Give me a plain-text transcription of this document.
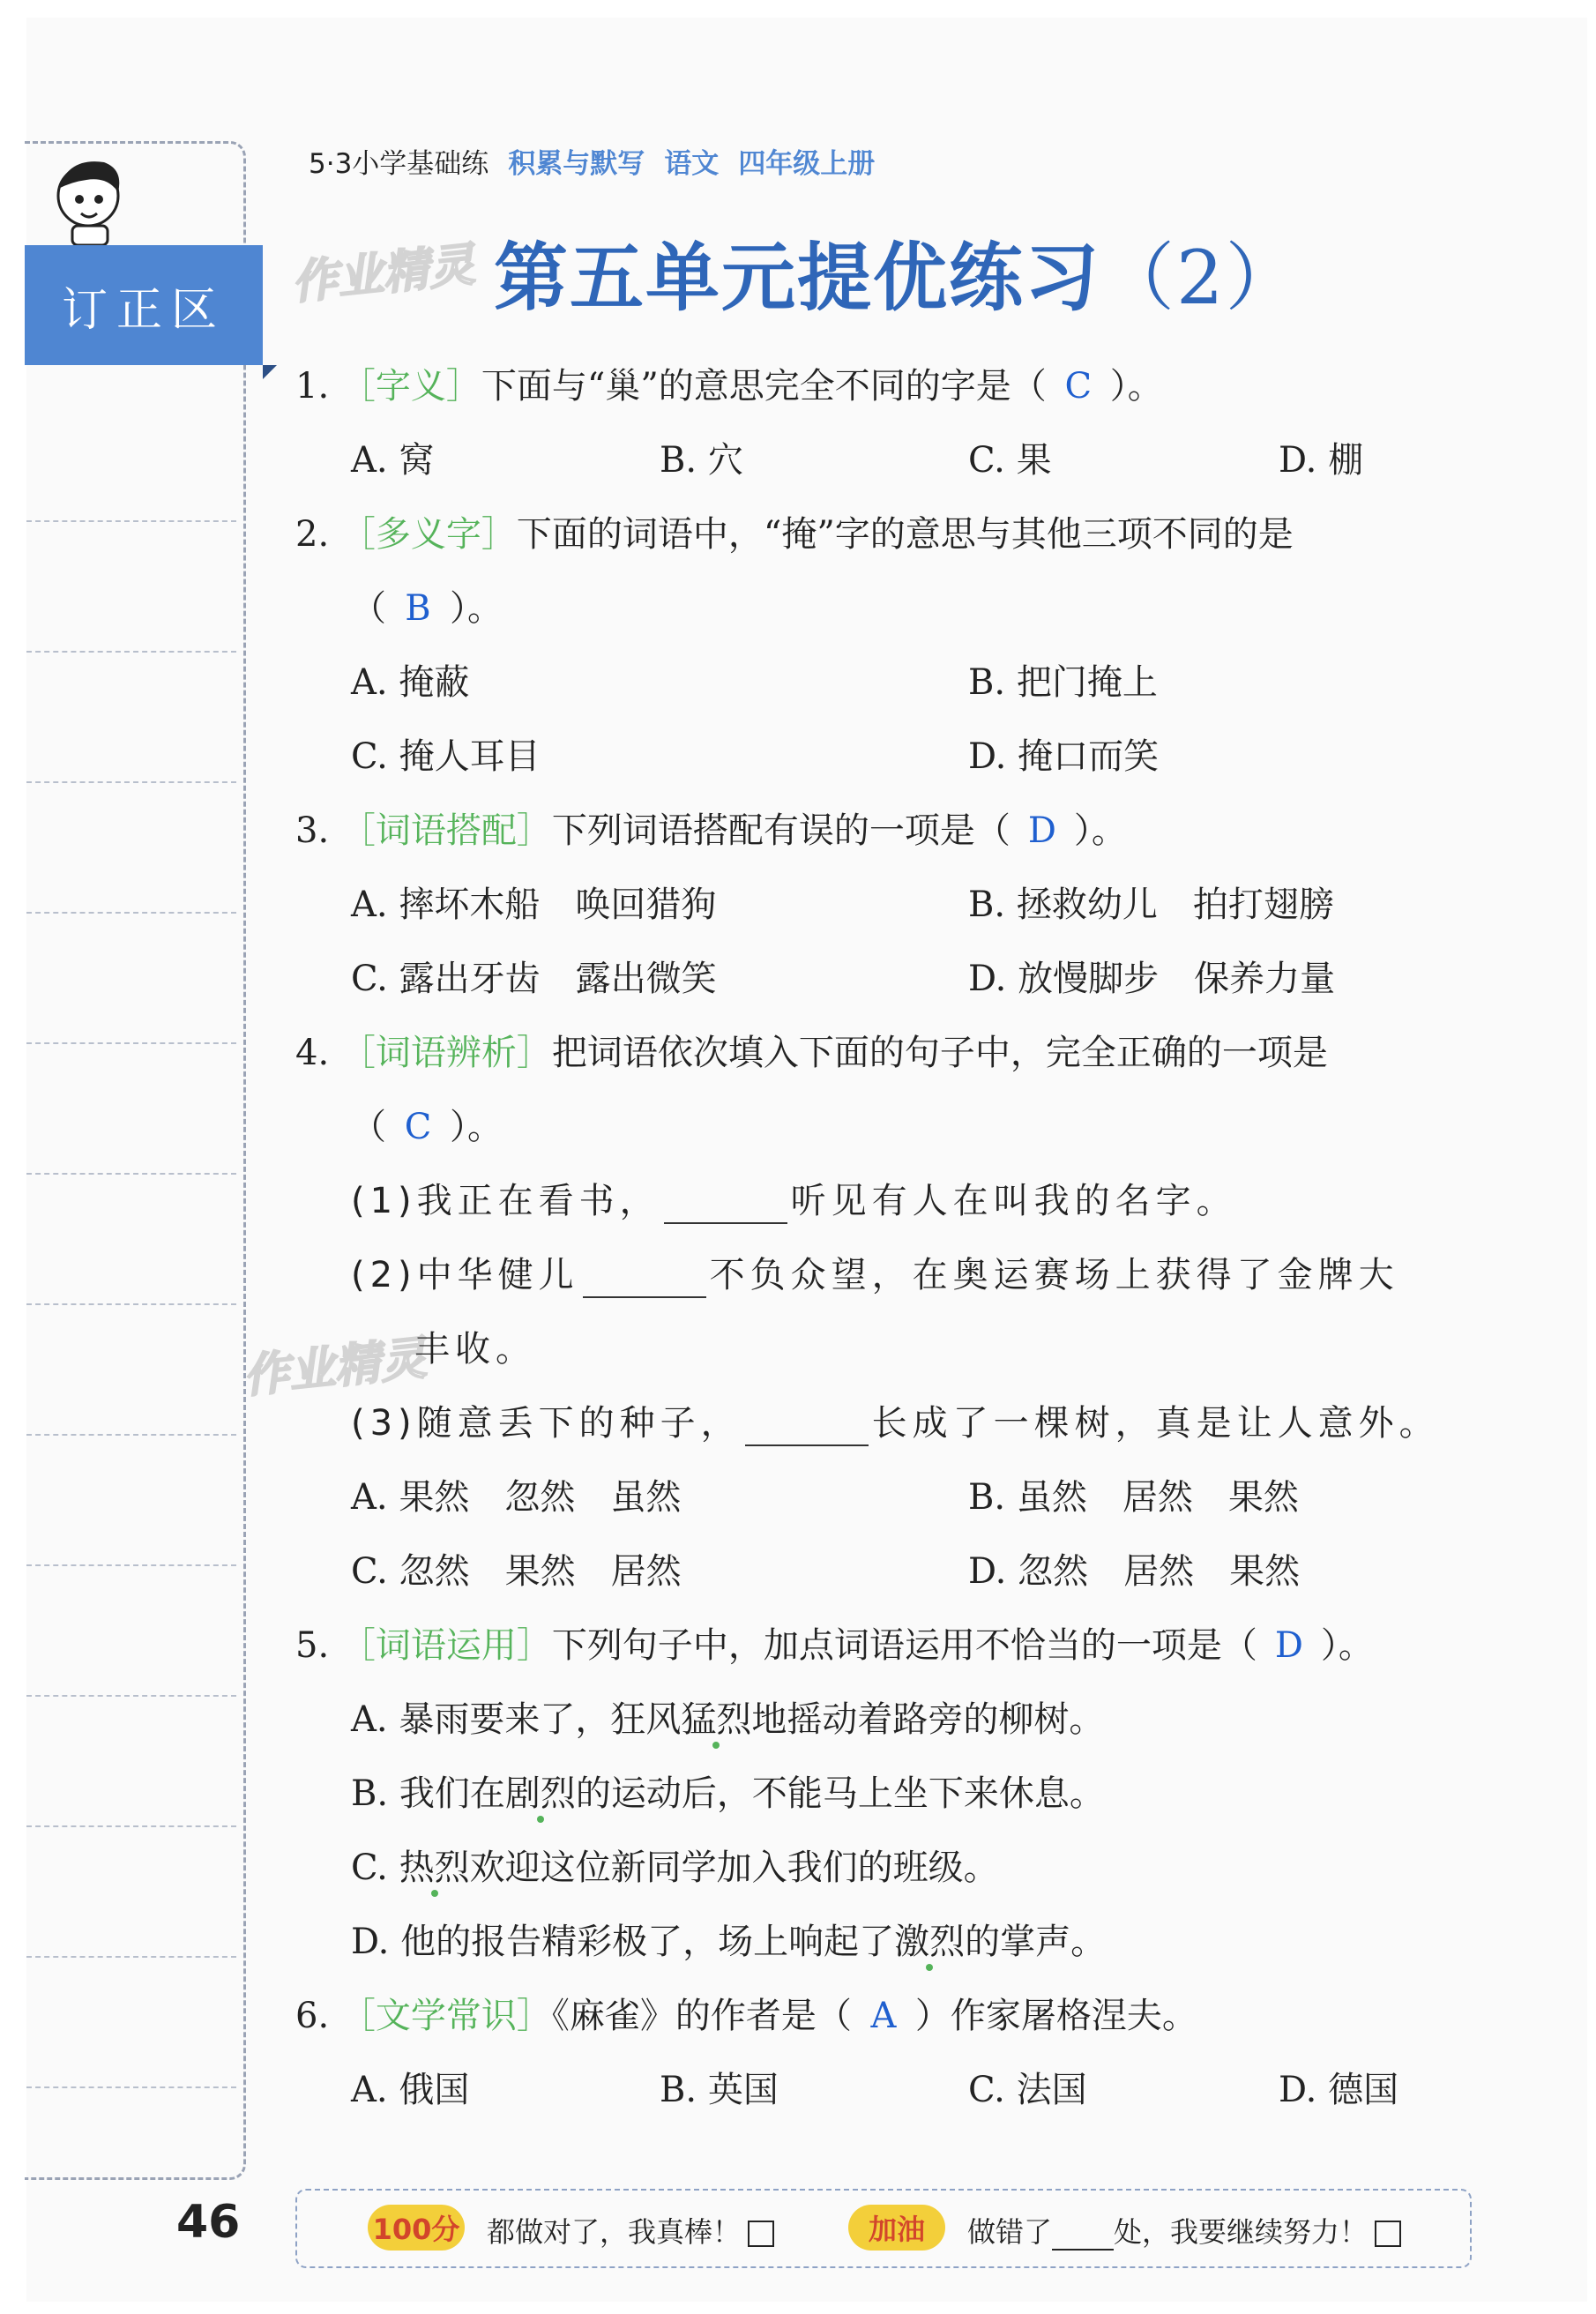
订正区
5·3小学基础练 积累与默写 语文 四年级上册
作业精灵
作业精灵
第五单元提优练习（2）
1. ［字义］下面与“巢”的意思完全不同的字是（ C ）。
A. 窝	B. 穴	C. 果	D. 棚
2. ［多义字］下面的词语中，“掩”字的意思与其他三项不同的是
（ B ）。
A. 掩蔽	B. 把门掩上
C. 掩人耳目	D. 掩口而笑
3. ［词语搭配］下列词语搭配有误的一项是（ D ）。
A. 摔坏木船　唤回猎狗	B. 拯救幼儿　拍打翅膀
C. 露出牙齿　露出微笑	D. 放慢脚步　保养力量
4. ［词语辨析］把词语依次填入下面的句子中，完全正确的一项是
（ C ）。
(1)我正在看书，	听见有人在叫我的名字。
(2)中华健儿	不负众望，在奥运赛场上获得了金牌大
丰收。
(3)随意丢下的种子，	长成了一棵树，真是让人意外。
A. 果然　忽然　虽然	B. 虽然　居然　果然
C. 忽然　果然　居然	D. 忽然　居然　果然
5. ［词语运用］下列句子中，加点词语运用不恰当的一项是（ D ）。
A. 暴雨要来了，狂风猛烈地摇动着路旁的柳树。
B. 我们在剧烈的运动后，不能马上坐下来休息。
C. 热烈欢迎这位新同学加入我们的班级。
D. 他的报告精彩极了，场上响起了激烈的掌声。
6. ［文学常识］《麻雀》的作者是（ A ）作家屠格涅夫。
A. 俄国	B. 英国	C. 法国	D. 德国
46	100分 都做对了，我真棒！	加油	做错了 处，我要继续努力！
